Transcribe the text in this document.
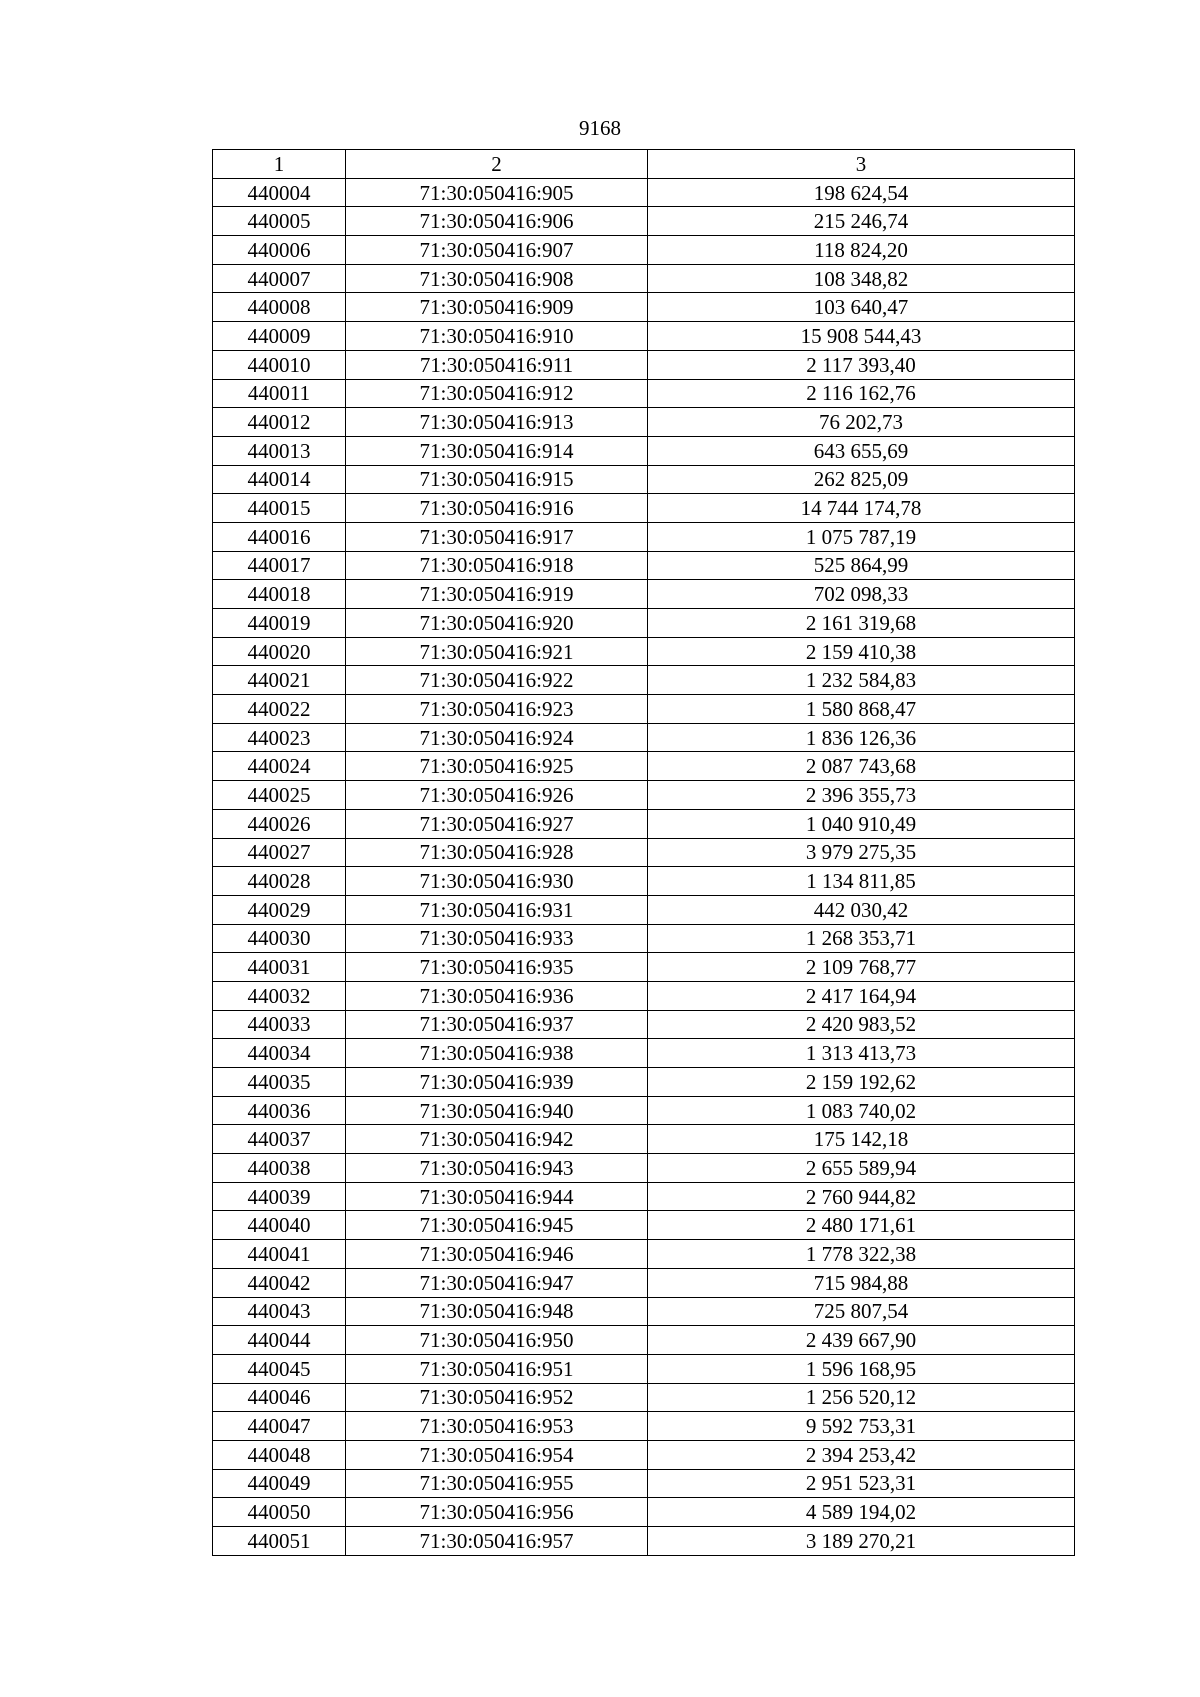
9168
1	2	3
440004	71:30:050416:905	198 624,54
440005	71:30:050416:906	215 246,74
440006	71:30:050416:907	118 824,20
440007	71:30:050416:908	108 348,82
440008	71:30:050416:909	103 640,47
440009	71:30:050416:910	15 908 544,43
440010	71:30:050416:911	2 117 393,40
440011	71:30:050416:912	2 116 162,76
440012	71:30:050416:913	76 202,73
440013	71:30:050416:914	643 655,69
440014	71:30:050416:915	262 825,09
440015	71:30:050416:916	14 744 174,78
440016	71:30:050416:917	1 075 787,19
440017	71:30:050416:918	525 864,99
440018	71:30:050416:919	702 098,33
440019	71:30:050416:920	2 161 319,68
440020	71:30:050416:921	2 159 410,38
440021	71:30:050416:922	1 232 584,83
440022	71:30:050416:923	1 580 868,47
440023	71:30:050416:924	1 836 126,36
440024	71:30:050416:925	2 087 743,68
440025	71:30:050416:926	2 396 355,73
440026	71:30:050416:927	1 040 910,49
440027	71:30:050416:928	3 979 275,35
440028	71:30:050416:930	1 134 811,85
440029	71:30:050416:931	442 030,42
440030	71:30:050416:933	1 268 353,71
440031	71:30:050416:935	2 109 768,77
440032	71:30:050416:936	2 417 164,94
440033	71:30:050416:937	2 420 983,52
440034	71:30:050416:938	1 313 413,73
440035	71:30:050416:939	2 159 192,62
440036	71:30:050416:940	1 083 740,02
440037	71:30:050416:942	175 142,18
440038	71:30:050416:943	2 655 589,94
440039	71:30:050416:944	2 760 944,82
440040	71:30:050416:945	2 480 171,61
440041	71:30:050416:946	1 778 322,38
440042	71:30:050416:947	715 984,88
440043	71:30:050416:948	725 807,54
440044	71:30:050416:950	2 439 667,90
440045	71:30:050416:951	1 596 168,95
440046	71:30:050416:952	1 256 520,12
440047	71:30:050416:953	9 592 753,31
440048	71:30:050416:954	2 394 253,42
440049	71:30:050416:955	2 951 523,31
440050	71:30:050416:956	4 589 194,02
440051	71:30:050416:957	3 189 270,21
